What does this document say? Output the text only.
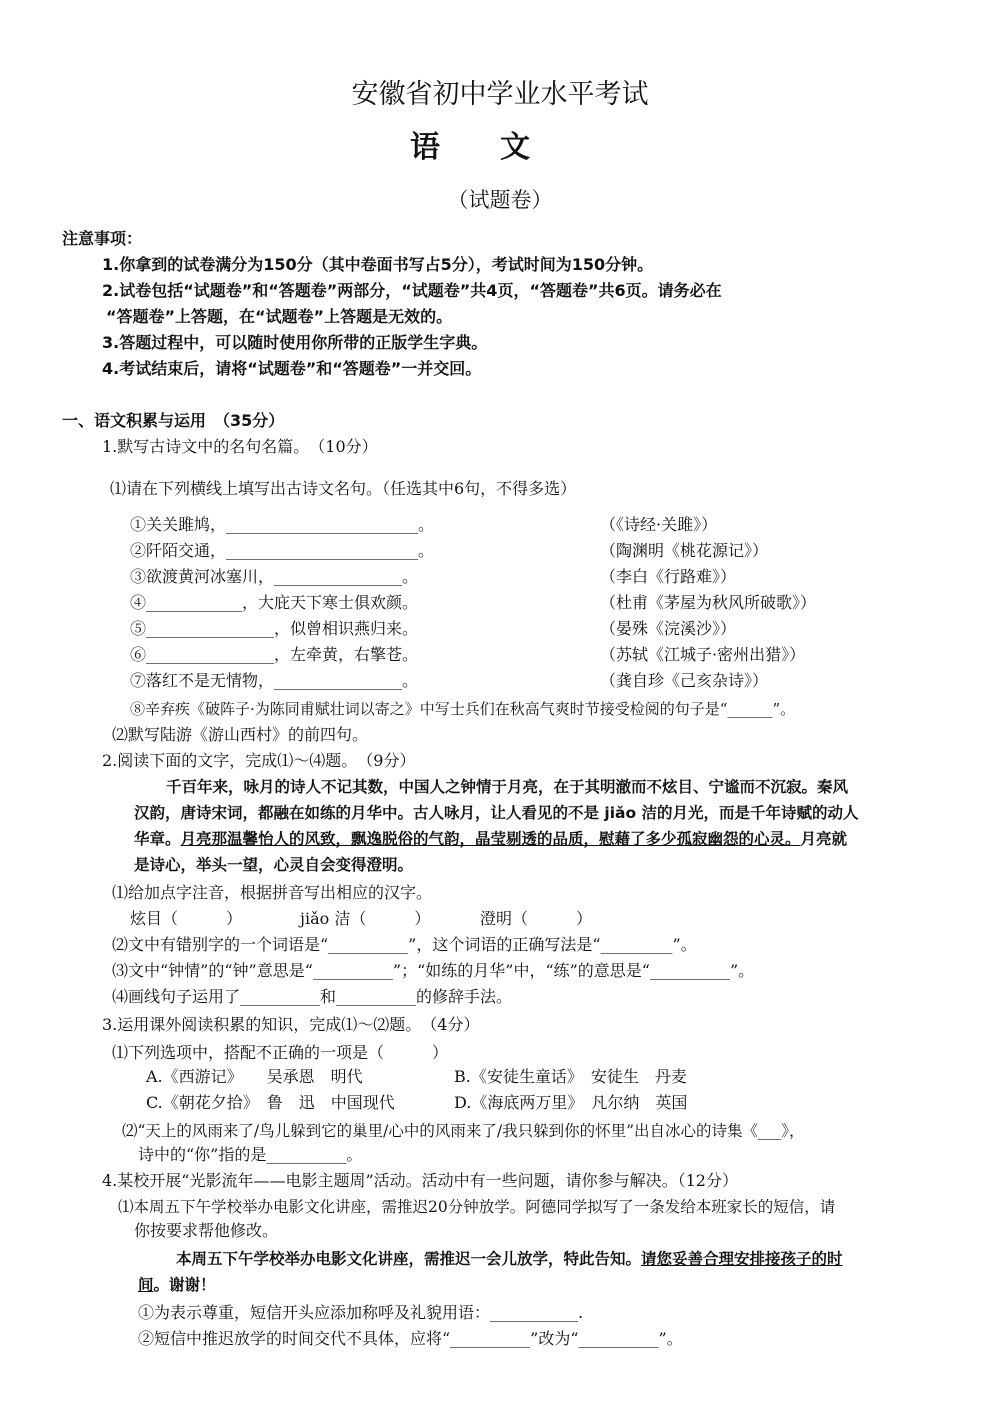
安徽省初中学业水平考试
语文
（试题卷）
注意事项：
1.你拿到的试卷满分为150分（其中卷面书写占5分），考试时间为150分钟。
2.试卷包括“试题卷”和“答题卷”两部分，“试题卷”共4页，“答题卷”共6页。请务必在
“答题卷”上答题，在“试题卷”上答题是无效的。
3.答题过程中，可以随时使用你所带的正版学生字典。
4.考试结束后，请将“试题卷”和“答题卷”一并交回。
一、语文积累与运用　（35分）
1.默写古诗文中的名句名篇。　（10分）
⑴请在下列横线上填写出古诗文名句。（任选其中6句，不得多选）
①关关雎鸠，________________________。	（《诗经·关雎》）
②阡陌交通，________________________。	（陶渊明《桃花源记》）
③欲渡黄河冰塞川，________________。	（李白《行路难》）
④____________，大庇天下寒士俱欢颜。	（杜甫《茅屋为秋风所破歌》）
⑤________________，似曾相识燕归来。	（晏殊《浣溪沙》）
⑥________________，左牵黄，右擎苍。	（苏轼《江城子·密州出猎》）
⑦落红不是无情物，________________。	（龚自珍《己亥杂诗》）
⑧辛弃疾《破阵子·为陈同甫赋壮词以寄之》中写士兵们在秋高气爽时节接受检阅的句子是“______”。
⑵默写陆游《游山西村》的前四句。
2.阅读下面的文字，完成⑴～⑷题。　（9分）
千百年来，咏月的诗人不记其数，中国人之钟情于月亮，在于其明澈而不炫目、宁谧而不沉寂。秦风
汉韵，唐诗宋词，都融在如练的月华中。古人咏月，让人看见的不是 jiǎo 洁的月光，而是千年诗赋的动人
华章。月亮那温馨怡人的风致，飘逸脱俗的气韵，晶莹剔透的品质，慰藉了多少孤寂幽怨的心灵。月亮就
是诗心，举头一望，心灵自会变得澄明。
⑴给加点字注音，根据拼音写出相应的汉字。
炫目（　　　）	jiǎo 洁（　　　）	澄明（　　　）
⑵文中有错别字的一个词语是“__________”，这个词语的正确写法是“_________”。
⑶文中“钟情”的“钟”意思是“__________”；“如练的月华”中，“练”的意思是“__________”。
⑷画线句子运用了__________和__________的修辞手法。
3.运用课外阅读积累的知识，完成⑴～⑵题。　（4分）
⑴下列选项中，搭配不正确的一项是（　　　）
A.《西游记》　　吴承恩　明代	B.《安徒生童话》　安徒生　丹麦
C.《朝花夕拾》　鲁　迅　中国现代	D.《海底两万里》　凡尔纳　英国
⑵“天上的风雨来了/鸟儿躲到它的巢里/心中的风雨来了/我只躲到你的怀里”出自冰心的诗集《___》，
诗中的“你”指的是__________。
4.某校开展“光影流年——电影主题周”活动。活动中有一些问题，请你参与解决。（12分）
⑴本周五下午学校举办电影文化讲座，需推迟20分钟放学。阿德同学拟写了一条发给本班家长的短信，请
你按要求帮他修改。
本周五下午学校举办电影文化讲座，需推迟一会儿放学，特此告知。请您妥善合理安排接孩子的时
间。谢谢！
①为表示尊重，短信开头应添加称呼及礼貌用语：___________.
②短信中推迟放学的时间交代不具体，应将“__________”改为“__________”。
